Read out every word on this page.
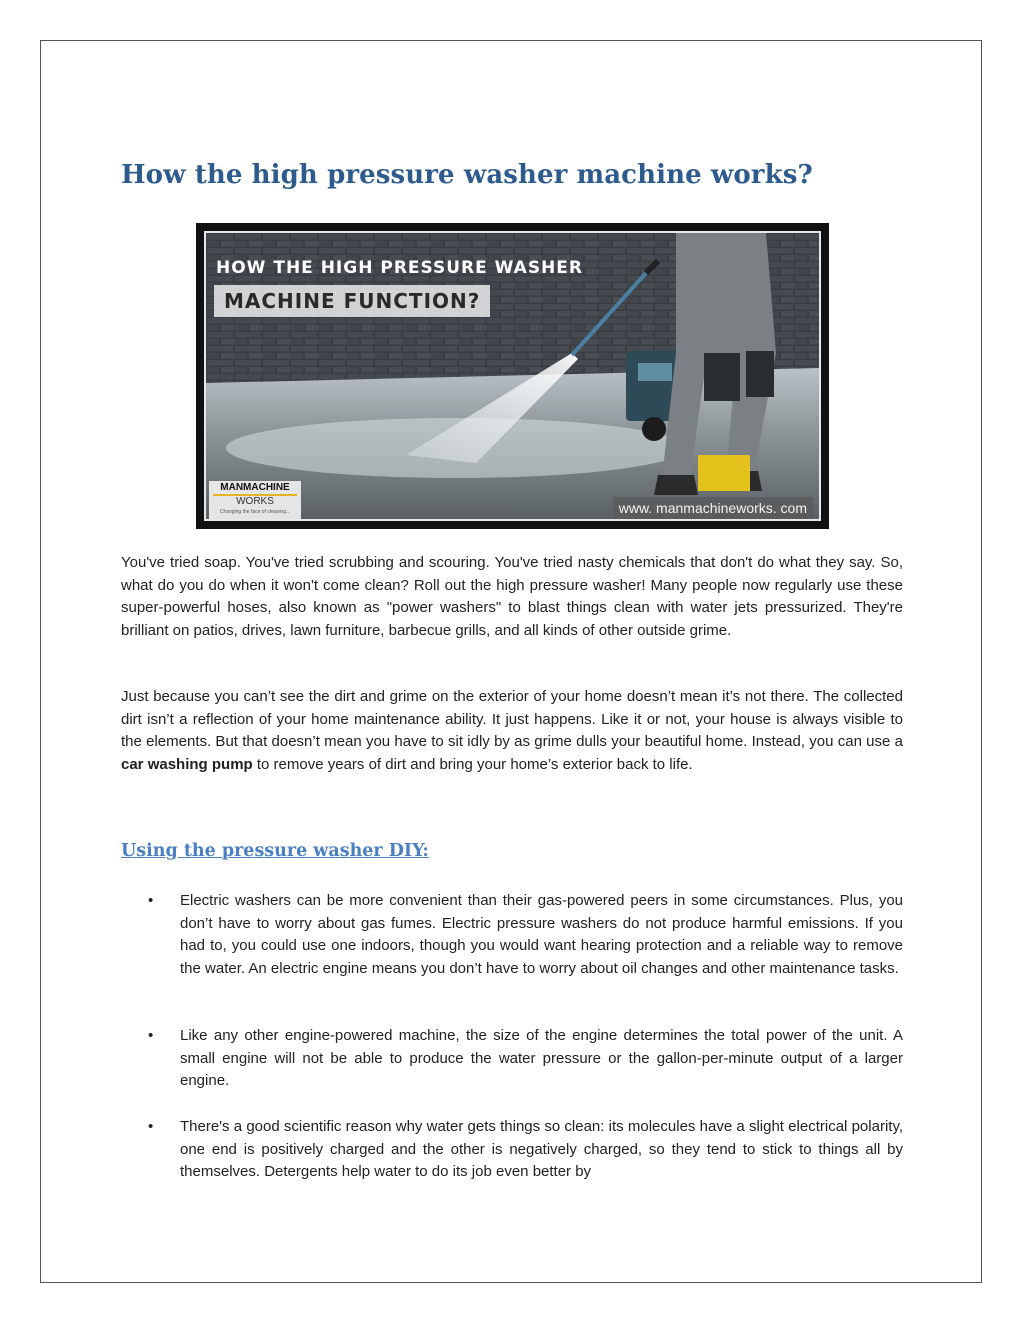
How the high pressure washer machine works?
HOW THE HIGH PRESSURE WASHER
MACHINE FUNCTION?
MANMACHINE
WORKS
Changing the face of cleaning...	www. manmachineworks. com

You've tried soap. You've tried scrubbing and scouring. You've tried nasty chemicals that don't do what they say. So, what do you do when it won't come clean? Roll out the high pressure washer! Many people now regularly use these super-powerful hoses, also known as "power washers" to blast things clean with water jets pressurized. They're brilliant on patios, drives, lawn furniture, barbecue grills, and all kinds of other outside grime.

Just because you can’t see the dirt and grime on the exterior of your home doesn’t mean it’s not there. The collected dirt isn’t a reflection of your home maintenance ability. It just happens. Like it or not, your house is always visible to the elements. But that doesn’t mean you have to sit idly by as grime dulls your beautiful home. Instead, you can use a car washing pump to remove years of dirt and bring your home’s exterior back to life.

Using the pressure washer DIY:
• Electric washers can be more convenient than their gas-powered peers in some circumstances. Plus, you don’t have to worry about gas fumes. Electric pressure washers do not produce harmful emissions. If you had to, you could use one indoors, though you would want hearing protection and a reliable way to remove the water. An electric engine means you don’t have to worry about oil changes and other maintenance tasks.

• Like any other engine-powered machine, the size of the engine determines the total power of the unit. A small engine will not be able to produce the water pressure or the gallon-per-minute output of a larger engine.

• There's a good scientific reason why water gets things so clean: its molecules have a slight electrical polarity, one end is positively charged and the other is negatively charged, so they tend to stick to things all by themselves. Detergents help water to do its job even better by
